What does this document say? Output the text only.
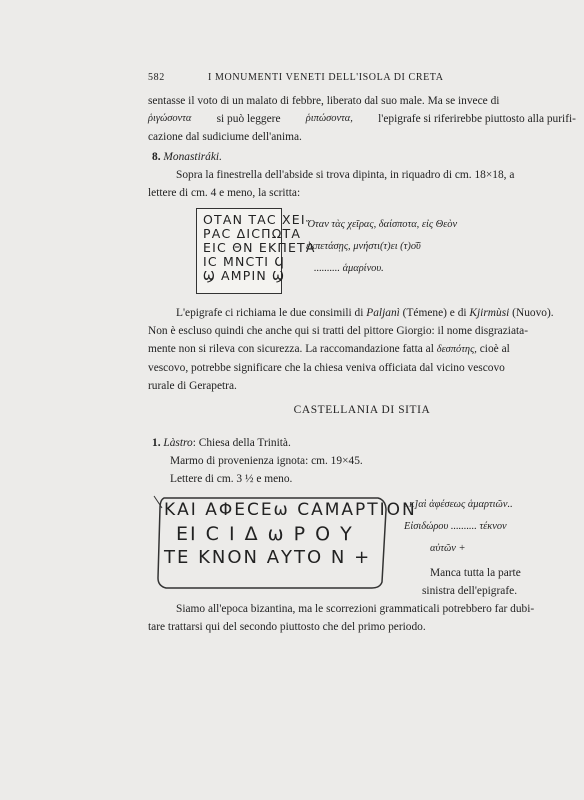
582	I MONUMENTI VENETI DELL'ISOLA DI CRETA
sentasse il voto di un malato di febbre, liberato dal suo male. Ma se invece di
ῥιγώσοντα si può leggere ῥιπώσοντα, l'epigrafe si riferirebbe piuttosto alla purifi-
cazione dal sudiciume dell'anima.
8. Monastiráki.
Sopra la finestrella dell'abside si trova dipinta, in riquadro di cm. 18×18, a
lettere di cm. 4 e meno, la scritta:
ΟΤΑΝ ΤΑC ΧΕΙ
ΡΑC ΔΙCΠΩΤΑ
ΕΙC ΘΝ ΕΚΠΕΤΑ
ΙC ΜΝCΤΙ Ϥ
Ϣ ΑΜΡΙΝ Ϣ
Ὅταν τὰς χεῖρας, δαίσποτα, εἰς Θεὸν
ἐκπετάσῃς, μνήστι(τ)ει (τ)ο͂ῦ
.......... ἁμαρίνου.
L'epigrafe ci richiama le due consimili di Paljanì (Témene) e di Kjirmùsi (Nuovo).
Non è escluso quindi che anche qui si tratti del pittore Giorgio: il nome disgraziata-
mente non si rileva con sicurezza. La raccomandazione fatta al δεσπότης, cioè al
vescovo, potrebbe significare che la chiesa veniva officiata dal vicino vescovo
rurale di Gerapetra.
CASTELLANIA DI SITIA
1. Làstro: Chiesa della Trinità.
Marmo di provenienza ignota: cm. 19×45.
Lettere di cm. 3 ½ e meno.
ΚΑΙ ΑΦΕCΕω CΑΜΑΡΤΙΟΝ
ΕΙ C Ι Δ ω Ρ Ο Υ
ΤΕ ΚΝΟΝ ΑΥΤΟ Ν +
..κ]αὶ ἀφέσεως ἁμαρτιῶν..
Εἰσιδώρου .......... τέκνον
αὐτῶν +
Manca tutta la parte
sinistra dell'epigrafe.
Siamo all'epoca bizantina, ma le scorrezioni grammaticali potrebbero far dubi-
tare trattarsi qui del secondo piuttosto che del primo periodo.
